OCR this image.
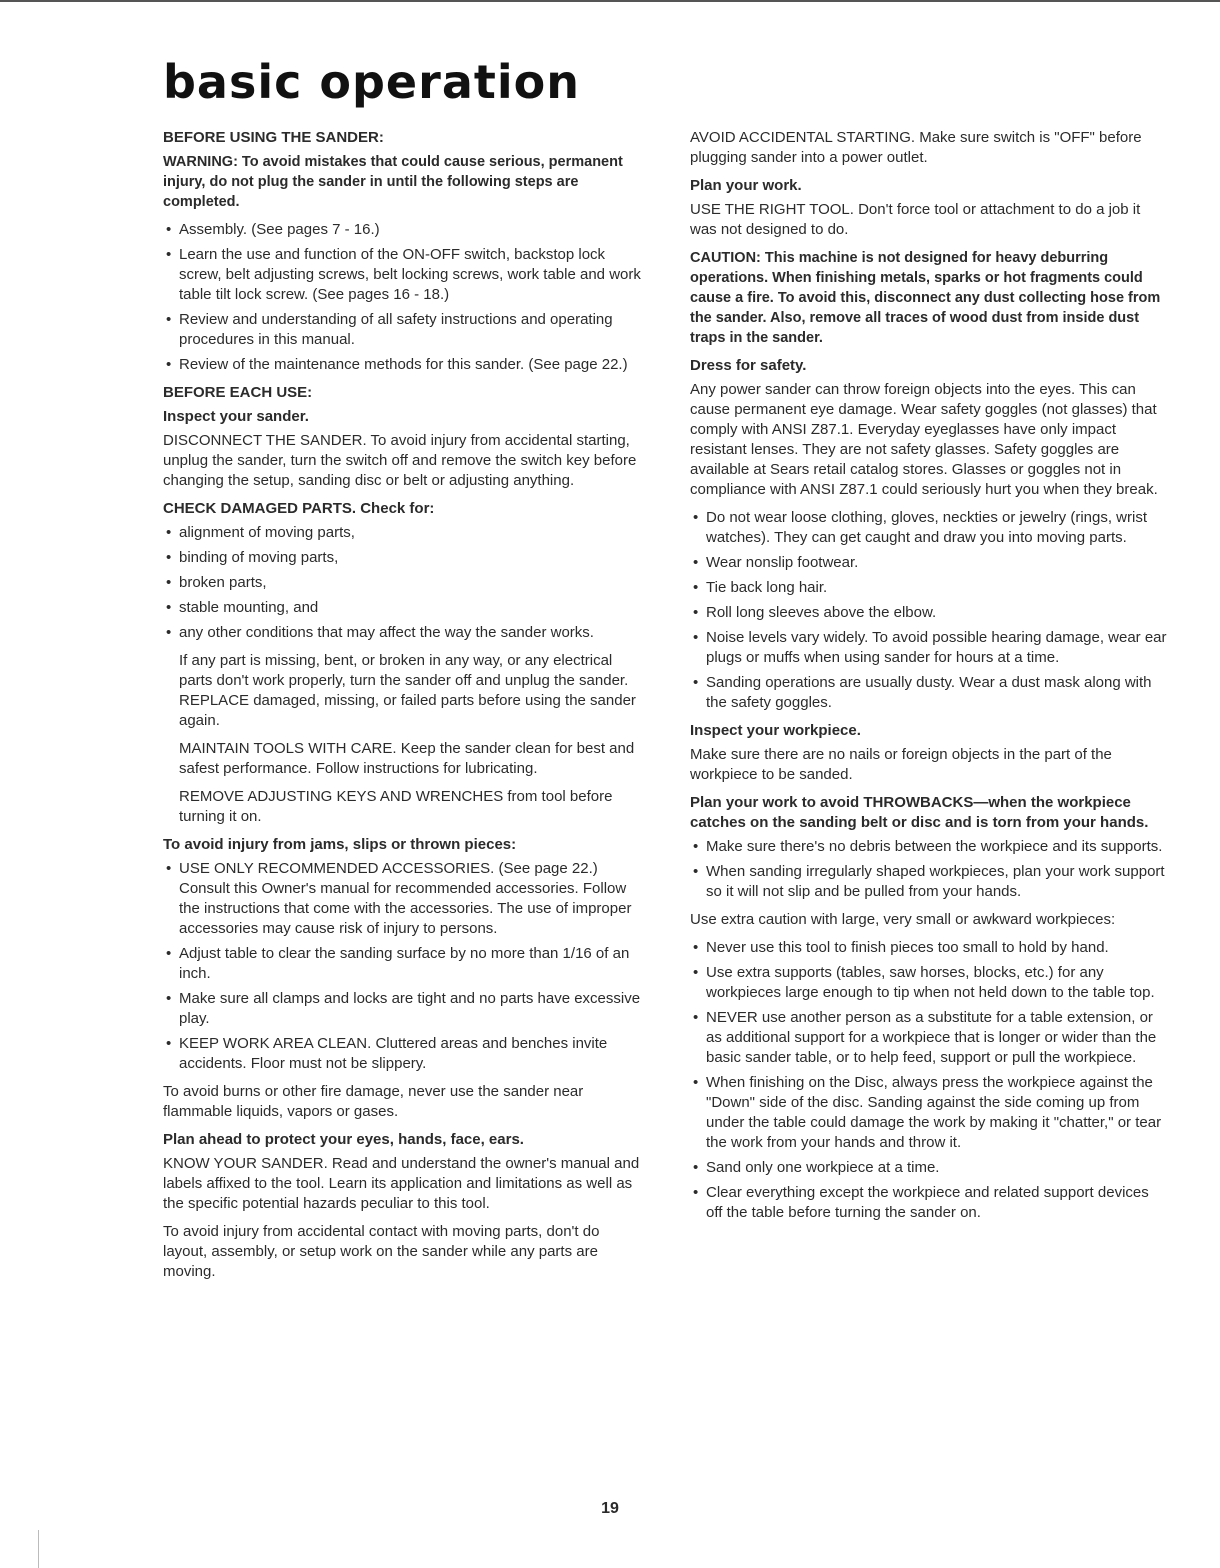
basic operation

BEFORE USING THE SANDER:

WARNING: To avoid mistakes that could cause serious, permanent injury, do not plug the sander in until the following steps are completed.

• Assembly. (See pages 7 - 16.)
• Learn the use and function of the ON-OFF switch, backstop lock screw, belt adjusting screws, belt locking screws, work table and work table tilt lock screw. (See pages 16 - 18.)
• Review and understanding of all safety instructions and operating procedures in this manual.
• Review of the maintenance methods for this sander. (See page 22.)

BEFORE EACH USE:

Inspect your sander.

DISCONNECT THE SANDER. To avoid injury from accidental starting, unplug the sander, turn the switch off and remove the switch key before changing the setup, sanding disc or belt or adjusting anything.

CHECK DAMAGED PARTS. Check for:

• alignment of moving parts,
• binding of moving parts,
• broken parts,
• stable mounting, and
• any other conditions that may affect the way the sander works.

If any part is missing, bent, or broken in any way, or any electrical parts don't work properly, turn the sander off and unplug the sander. REPLACE damaged, missing, or failed parts before using the sander again.

MAINTAIN TOOLS WITH CARE. Keep the sander clean for best and safest performance. Follow instructions for lubricating.

REMOVE ADJUSTING KEYS AND WRENCHES from tool before turning it on.

To avoid injury from jams, slips or thrown pieces:

• USE ONLY RECOMMENDED ACCESSORIES. (See page 22.) Consult this Owner's manual for recommended accessories. Follow the instructions that come with the accessories. The use of improper accessories may cause risk of injury to persons.
• Adjust table to clear the sanding surface by no more than 1/16 of an inch.
• Make sure all clamps and locks are tight and no parts have excessive play.
• KEEP WORK AREA CLEAN. Cluttered areas and benches invite accidents. Floor must not be slippery.

To avoid burns or other fire damage, never use the sander near flammable liquids, vapors or gases.

Plan ahead to protect your eyes, hands, face, ears.

KNOW YOUR SANDER. Read and understand the owner's manual and labels affixed to the tool. Learn its application and limitations as well as the specific potential hazards peculiar to this tool.

To avoid injury from accidental contact with moving parts, don't do layout, assembly, or setup work on the sander while any parts are moving.

AVOID ACCIDENTAL STARTING. Make sure switch is "OFF" before plugging sander into a power outlet.

Plan your work.

USE THE RIGHT TOOL. Don't force tool or attachment to do a job it was not designed to do.

CAUTION: This machine is not designed for heavy deburring operations. When finishing metals, sparks or hot fragments could cause a fire. To avoid this, disconnect any dust collecting hose from the sander. Also, remove all traces of wood dust from inside dust traps in the sander.

Dress for safety.

Any power sander can throw foreign objects into the eyes. This can cause permanent eye damage. Wear safety goggles (not glasses) that comply with ANSI Z87.1. Everyday eyeglasses have only impact resistant lenses. They are not safety glasses. Safety goggles are available at Sears retail catalog stores. Glasses or goggles not in compliance with ANSI Z87.1 could seriously hurt you when they break.

• Do not wear loose clothing, gloves, neckties or jewelry (rings, wrist watches). They can get caught and draw you into moving parts.
• Wear nonslip footwear.
• Tie back long hair.
• Roll long sleeves above the elbow.
• Noise levels vary widely. To avoid possible hearing damage, wear ear plugs or muffs when using sander for hours at a time.
• Sanding operations are usually dusty. Wear a dust mask along with the safety goggles.

Inspect your workpiece.

Make sure there are no nails or foreign objects in the part of the workpiece to be sanded.

Plan your work to avoid THROWBACKS—when the workpiece catches on the sanding belt or disc and is torn from your hands.

• Make sure there's no debris between the workpiece and its supports.
• When sanding irregularly shaped workpieces, plan your work support so it will not slip and be pulled from your hands.

Use extra caution with large, very small or awkward workpieces:

• Never use this tool to finish pieces too small to hold by hand.
• Use extra supports (tables, saw horses, blocks, etc.) for any workpieces large enough to tip when not held down to the table top.
• NEVER use another person as a substitute for a table extension, or as additional support for a workpiece that is longer or wider than the basic sander table, or to help feed, support or pull the workpiece.
• When finishing on the Disc, always press the workpiece against the "Down" side of the disc. Sanding against the side coming up from under the table could damage the work by making it "chatter," or tear the work from your hands and throw it.
• Sand only one workpiece at a time.
• Clear everything except the workpiece and related support devices off the table before turning the sander on.
19
